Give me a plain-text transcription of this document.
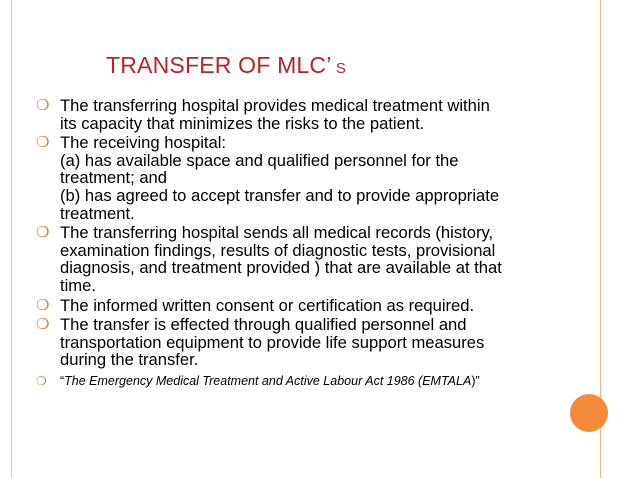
TRANSFER OF MLC’ S
❍ The transferring hospital provides medical treatment within
its capacity that minimizes the risks to the patient.
❍ The receiving hospital:
(a) has available space and qualified personnel for the
treatment; and
(b) has agreed to accept transfer and to provide appropriate
treatment.
❍ The transferring hospital sends all medical records (history,
examination findings, results of diagnostic tests, provisional
diagnosis, and treatment provided ) that are available at that
time.
❍ The informed written consent or certification as required.
❍ The transfer is effected through qualified personnel and
transportation equipment to provide life support measures
during the transfer.
❍ “The Emergency Medical Treatment and Active Labour Act 1986 (EMTALA)”
